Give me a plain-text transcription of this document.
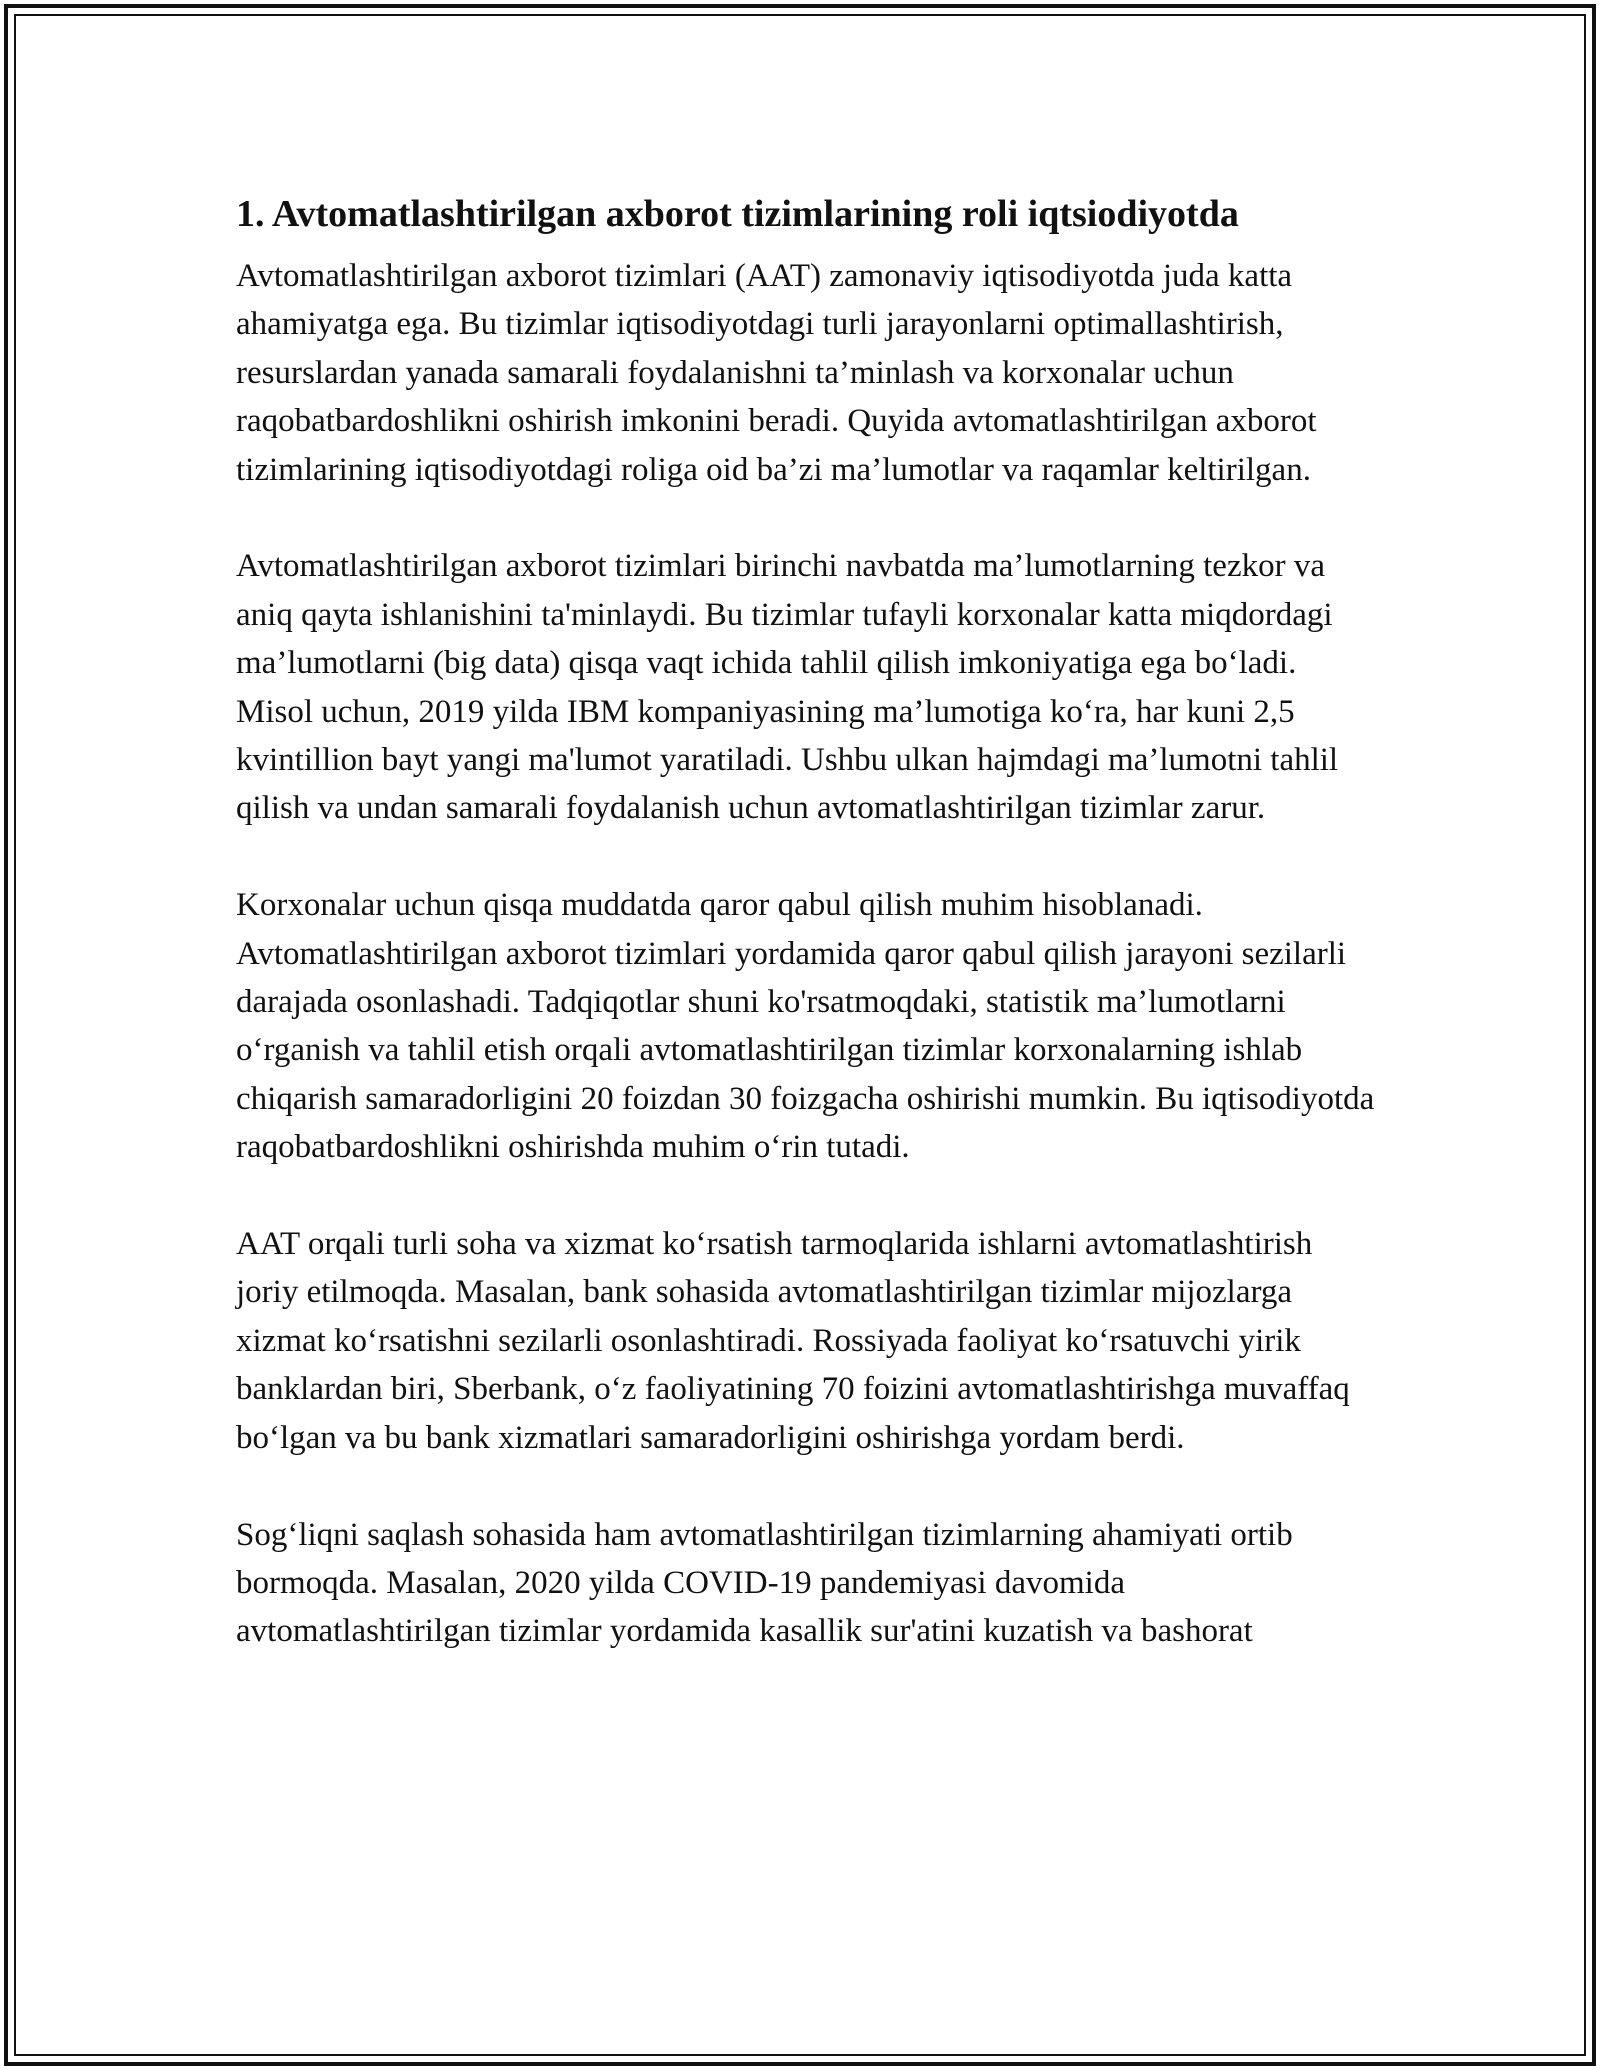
1. Avtomatlashtirilgan axborot tizimlarining roli iqtsiodiyotda

Avtomatlashtirilgan axborot tizimlari (AAT) zamonaviy iqtisodiyotda juda katta ahamiyatga ega. Bu tizimlar iqtisodiyotdagi turli jarayonlarni optimallashtirish, resurslardan yanada samarali foydalanishni ta’minlash va korxonalar uchun raqobatbardoshlikni oshirish imkonini beradi. Quyida avtomatlashtirilgan axborot tizimlarining iqtisodiyotdagi roliga oid ba’zi ma’lumotlar va raqamlar keltirilgan.

Avtomatlashtirilgan axborot tizimlari birinchi navbatda ma’lumotlarning tezkor va aniq qayta ishlanishini ta'minlaydi. Bu tizimlar tufayli korxonalar katta miqdordagi ma’lumotlarni (big data) qisqa vaqt ichida tahlil qilish imkoniyatiga ega bo‘ladi. Misol uchun, 2019 yilda IBM kompaniyasining ma’lumotiga ko‘ra, har kuni 2,5 kvintillion bayt yangi ma'lumot yaratiladi. Ushbu ulkan hajmdagi ma’lumotni tahlil qilish va undan samarali foydalanish uchun avtomatlashtirilgan tizimlar zarur.

Korxonalar uchun qisqa muddatda qaror qabul qilish muhim hisoblanadi. Avtomatlashtirilgan axborot tizimlari yordamida qaror qabul qilish jarayoni sezilarli darajada osonlashadi. Tadqiqotlar shuni ko'rsatmoqdaki, statistik ma’lumotlarni o‘rganish va tahlil etish orqali avtomatlashtirilgan tizimlar korxonalarning ishlab chiqarish samaradorligini 20 foizdan 30 foizgacha oshirishi mumkin. Bu iqtisodiyotda raqobatbardoshlikni oshirishda muhim o‘rin tutadi.

AAT orqali turli soha va xizmat ko‘rsatish tarmoqlarida ishlarni avtomatlashtirish joriy etilmoqda. Masalan, bank sohasida avtomatlashtirilgan tizimlar mijozlarga xizmat ko‘rsatishni sezilarli osonlashtiradi. Rossiyada faoliyat ko‘rsatuvchi yirik banklardan biri, Sberbank, o‘z faoliyatining 70 foizini avtomatlashtirishga muvaffaq bo‘lgan va bu bank xizmatlari samaradorligini oshirishga yordam berdi.

Sog‘liqni saqlash sohasida ham avtomatlashtirilgan tizimlarning ahamiyati ortib bormoqda. Masalan, 2020 yilda COVID-19 pandemiyasi davomida avtomatlashtirilgan tizimlar yordamida kasallik sur'atini kuzatish va bashorat
